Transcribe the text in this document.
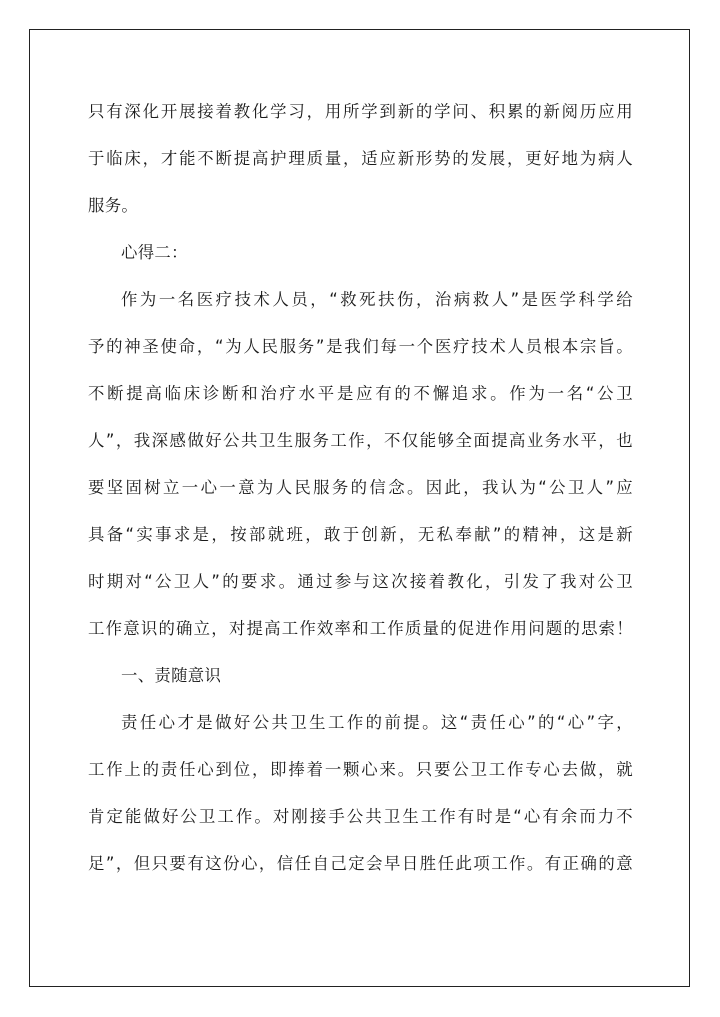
只有深化开展接着教化学习，用所学到新的学问、积累的新阅历应用
于临床，才能不断提高护理质量，适应新形势的发展，更好地为病人
服务。
心得二：
作为一名医疗技术人员，“救死扶伤，治病救人”是医学科学给
予的神圣使命，“为人民服务”是我们每一个医疗技术人员根本宗旨。
不断提高临床诊断和治疗水平是应有的不懈追求。作为一名“公卫
人”，我深感做好公共卫生服务工作，不仅能够全面提高业务水平，也
要坚固树立一心一意为人民服务的信念。因此，我认为“公卫人”应
具备“实事求是，按部就班，敢于创新，无私奉献”的精神，这是新
时期对“公卫人”的要求。通过参与这次接着教化，引发了我对公卫
工作意识的确立，对提高工作效率和工作质量的促进作用问题的思索！
一、责随意识
责任心才是做好公共卫生工作的前提。这“责任心”的“心”字，
工作上的责任心到位，即捧着一颗心来。只要公卫工作专心去做，就
肯定能做好公卫工作。对刚接手公共卫生工作有时是“心有余而力不
足”，但只要有这份心，信任自己定会早日胜任此项工作。有正确的意
